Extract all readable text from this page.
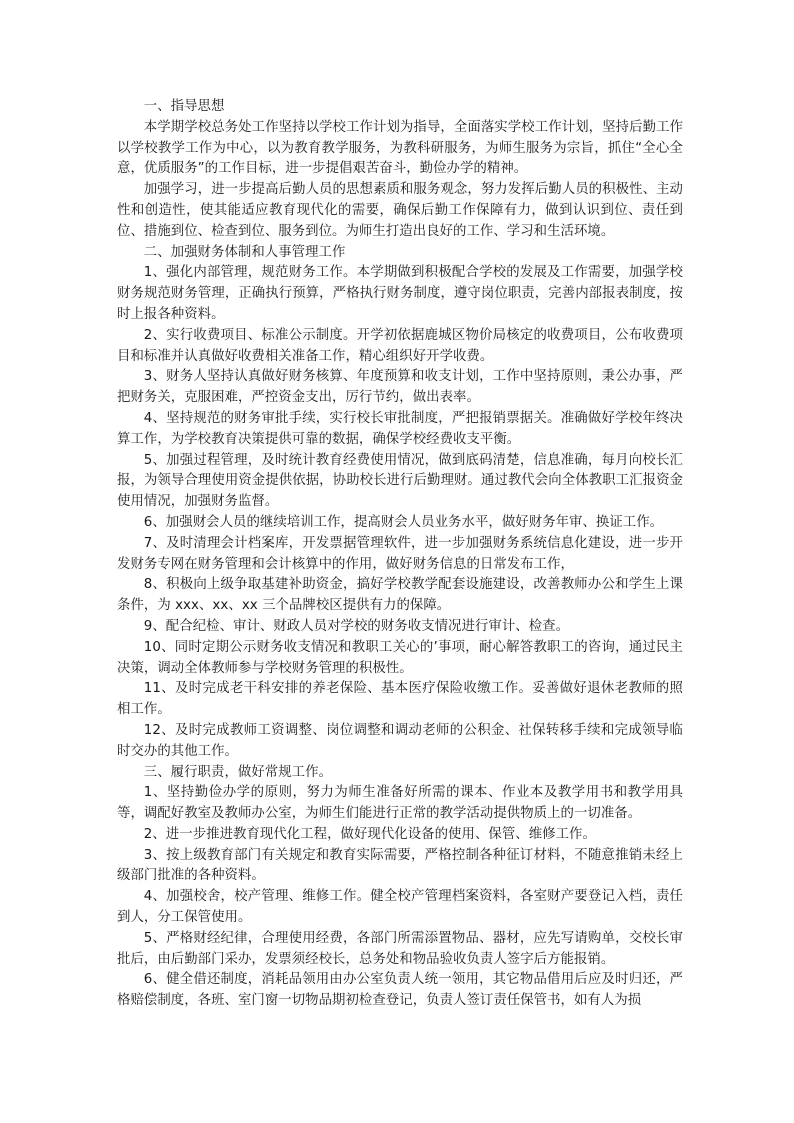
一、指导思想

本学期学校总务处工作坚持以学校工作计划为指导，全面落实学校工作计划，坚持后勤工作以学校教学工作为中心，以为教育教学服务，为教科研服务，为师生服务为宗旨，抓住“全心全意，优质服务”的工作目标，进一步提倡艰苦奋斗，勤俭办学的精神。

加强学习，进一步提高后勤人员的思想素质和服务观念，努力发挥后勤人员的积极性、主动性和创造性，使其能适应教育现代化的需要，确保后勤工作保障有力，做到认识到位、责任到位、措施到位、检查到位、服务到位。为师生打造出良好的工作、学习和生活环境。

二、加强财务体制和人事管理工作

1、强化内部管理，规范财务工作。本学期做到积极配合学校的发展及工作需要，加强学校财务规范财务管理，正确执行预算，严格执行财务制度，遵守岗位职责，完善内部报表制度，按时上报各种资料。

2、实行收费项目、标准公示制度。开学初依据鹿城区物价局核定的收费项目，公布收费项目和标准并认真做好收费相关准备工作，精心组织好开学收费。

3、财务人坚持认真做好财务核算、年度预算和收支计划，工作中坚持原则，秉公办事，严把财务关，克服困难，严控资金支出，厉行节约，做出表率。

4、坚持规范的财务审批手续，实行校长审批制度，严把报销票据关。准确做好学校年终决算工作，为学校教育决策提供可靠的数据，确保学校经费收支平衡。

5、加强过程管理，及时统计教育经费使用情况，做到底码清楚，信息准确，每月向校长汇报，为领导合理使用资金提供依据，协助校长进行后勤理财。通过教代会向全体教职工汇报资金使用情况，加强财务监督。

6、加强财会人员的继续培训工作，提高财会人员业务水平，做好财务年审、换证工作。

7、及时清理会计档案库，开发票据管理软件，进一步加强财务系统信息化建设，进一步开发财务专网在财务管理和会计核算中的作用，做好财务信息的日常发布工作，

8、积极向上级争取基建补助资金，搞好学校教学配套设施建设，改善教师办公和学生上课条件，为 xxx、xx、xx 三个品牌校区提供有力的保障。

9、配合纪检、审计、财政人员对学校的财务收支情况进行审计、检查。

10、同时定期公示财务收支情况和教职工关心的’事项，耐心解答教职工的咨询，通过民主决策，调动全体教师参与学校财务管理的积极性。

11、及时完成老干科安排的养老保险、基本医疗保险收缴工作。妥善做好退休老教师的照相工作。

12、及时完成教师工资调整、岗位调整和调动老师的公积金、社保转移手续和完成领导临时交办的其他工作。

三、履行职责，做好常规工作。

1、坚持勤俭办学的原则，努力为师生准备好所需的课本、作业本及教学用书和教学用具等，调配好教室及教师办公室，为师生们能进行正常的教学活动提供物质上的一切准备。

2、进一步推进教育现代化工程，做好现代化设备的使用、保管、维修工作。

3、按上级教育部门有关规定和教育实际需要，严格控制各种征订材料，不随意推销未经上级部门批准的各种资料。

4、加强校舍，校产管理、维修工作。健全校产管理档案资料，各室财产要登记入档，责任到人，分工保管使用。

5、严格财经纪律，合理使用经费，各部门所需添置物品、器材，应先写请购单，交校长审批后，由后勤部门采办，发票须经校长，总务处和物品验收负责人签字后方能报销。

6、健全借还制度，消耗品领用由办公室负责人统一领用，其它物品借用后应及时归还，严格赔偿制度，各班、室门窗一切物品期初检查登记，负责人签订责任保管书，如有人为损
